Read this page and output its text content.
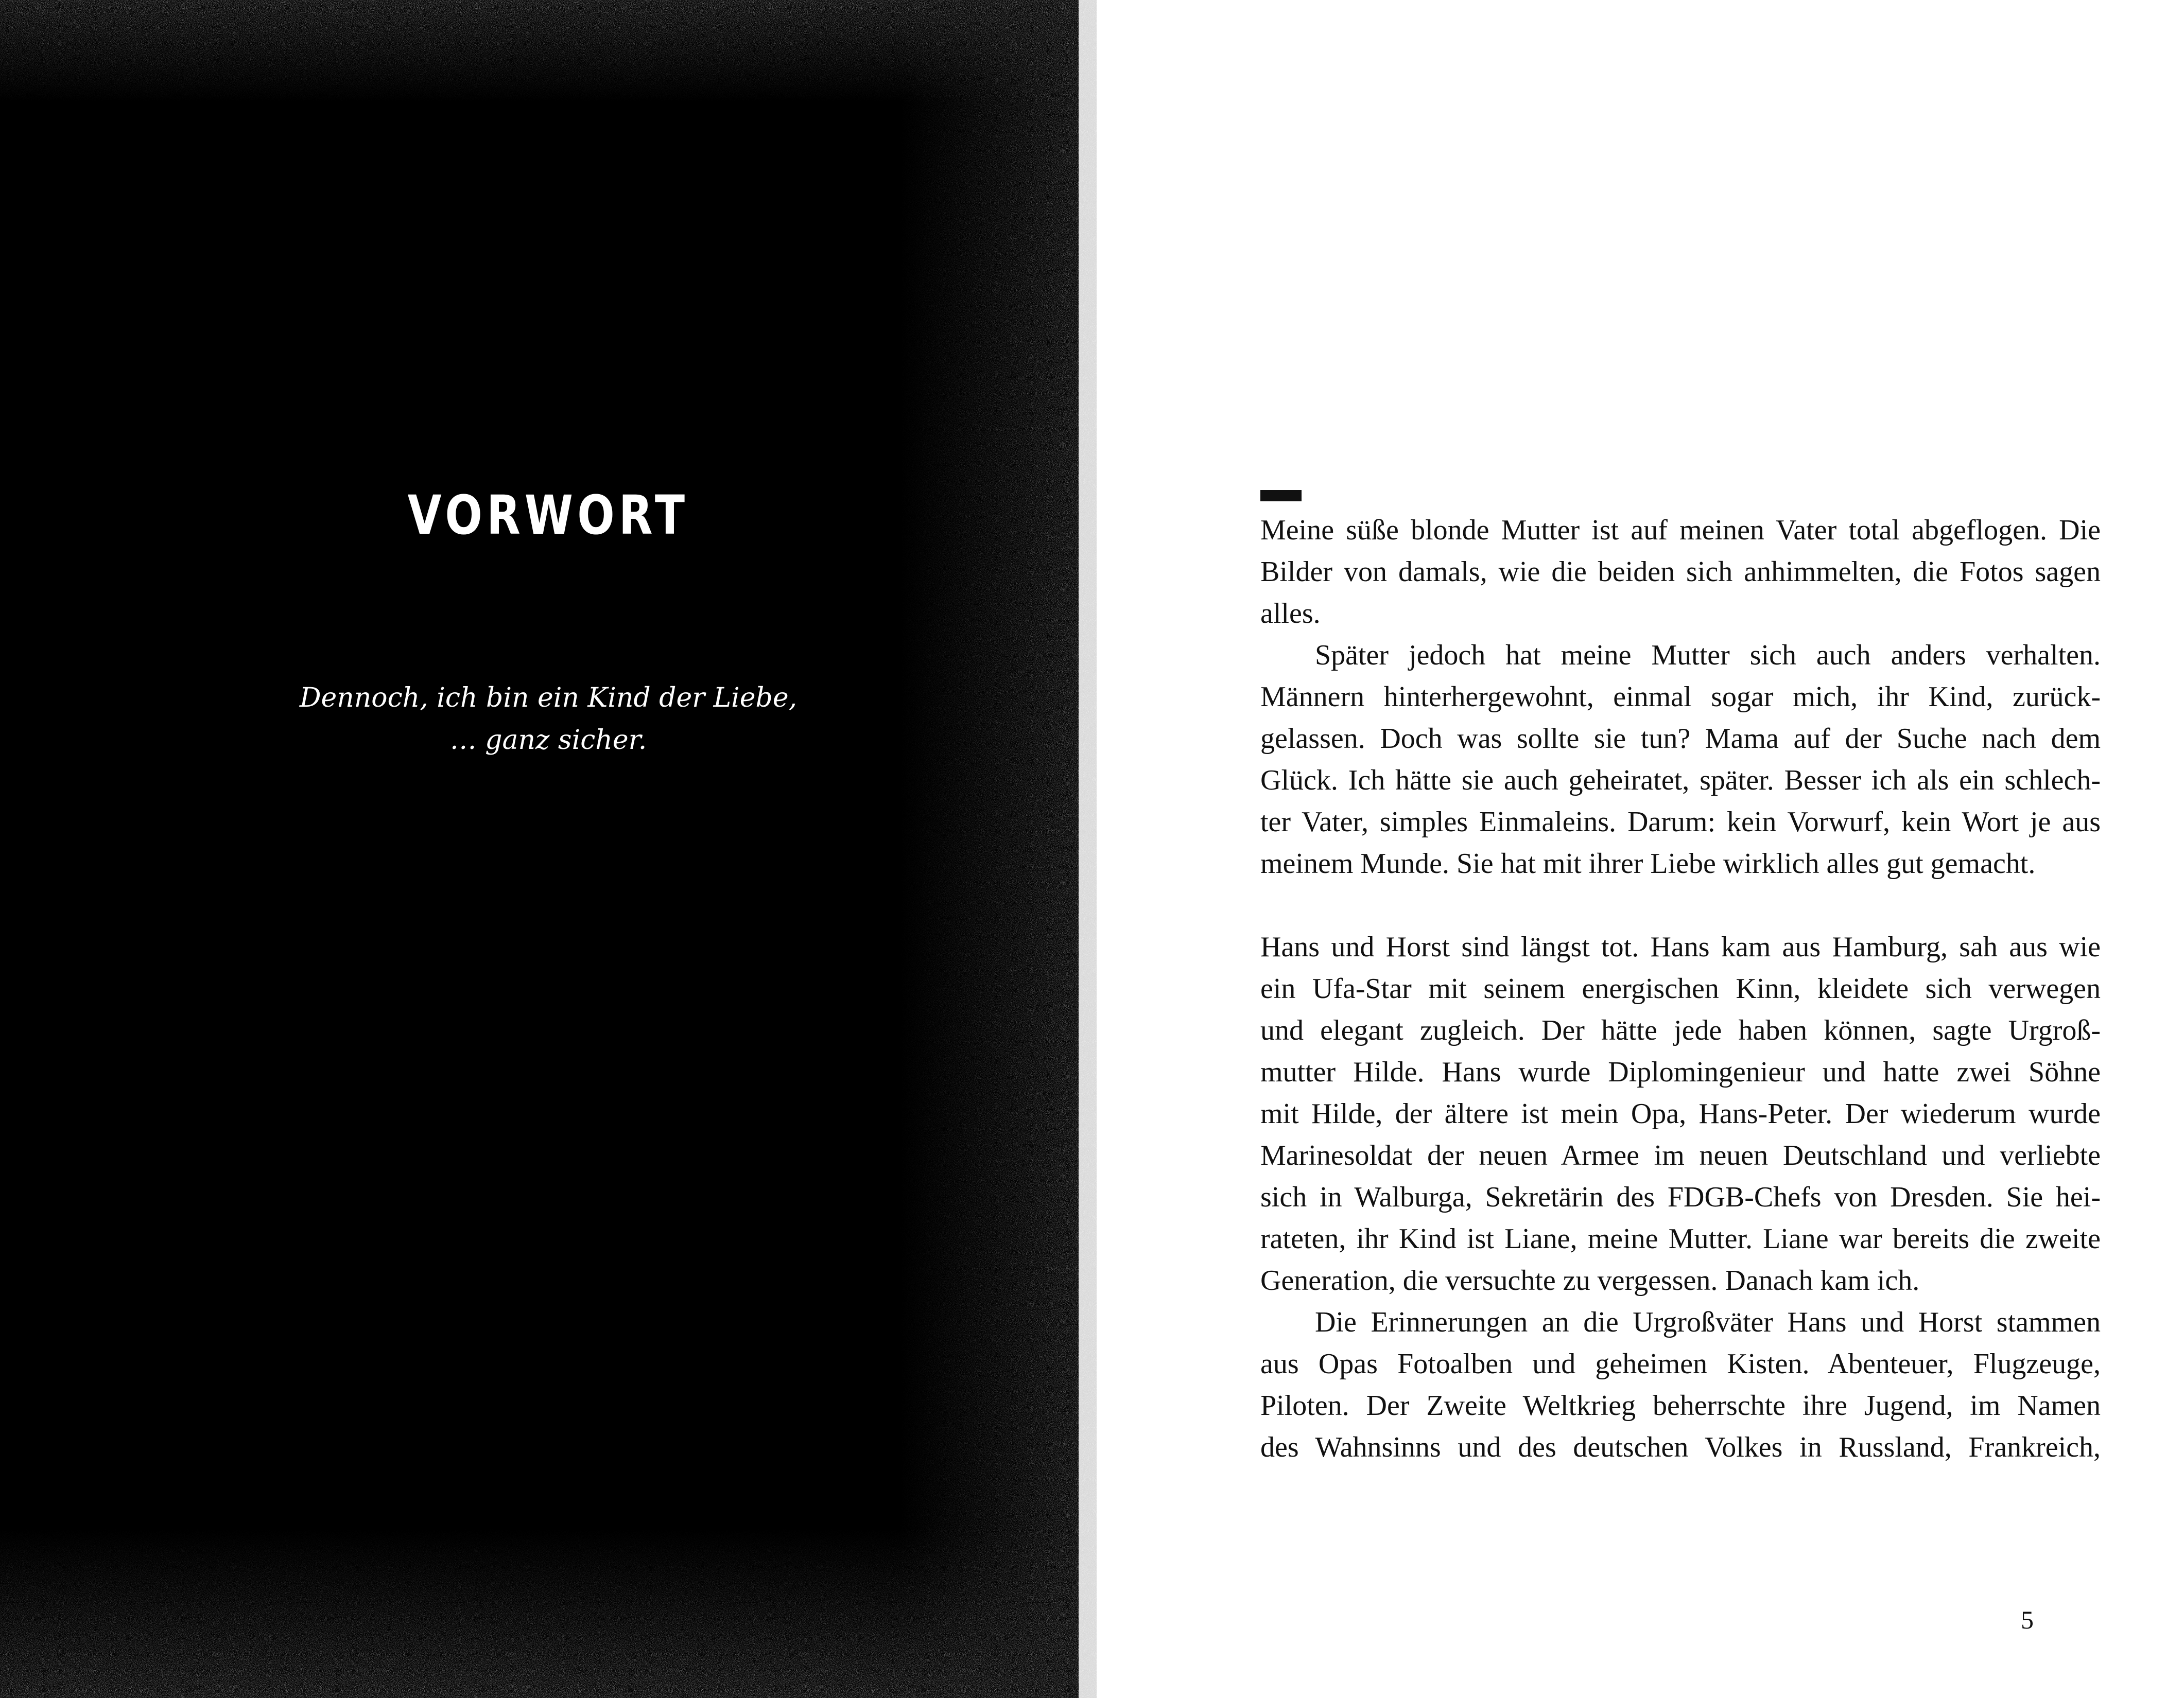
VORWORT
Dennoch, ich bin ein Kind der Liebe,
… ganz sicher.

Meine süße blonde Mutter ist auf meinen Vater total abgeflogen. Die

Bilder von damals, wie die beiden sich anhimmelten, die Fotos sagen

alles.

Später jedoch hat meine Mutter sich auch anders verhalten.

Männern hinterhergewohnt, einmal sogar mich, ihr Kind, zurück-

gelassen. Doch was sollte sie tun? Mama auf der Suche nach dem

Glück. Ich hätte sie auch geheiratet, später. Besser ich als ein schlech-

ter Vater, simples Einmaleins. Darum: kein Vorwurf, kein Wort je aus

meinem Munde. Sie hat mit ihrer Liebe wirklich alles gut gemacht.

Hans und Horst sind längst tot. Hans kam aus Hamburg, sah aus wie

ein Ufa-Star mit seinem energischen Kinn, kleidete sich verwegen

und elegant zugleich. Der hätte jede haben können, sagte Urgroß-

mutter Hilde. Hans wurde Diplomingenieur und hatte zwei Söhne

mit Hilde, der ältere ist mein Opa, Hans-Peter. Der wiederum wurde

Marinesoldat der neuen Armee im neuen Deutschland und verliebte

sich in Walburga, Sekretärin des FDGB-Chefs von Dresden. Sie hei-

rateten, ihr Kind ist Liane, meine Mutter. Liane war bereits die zweite

Generation, die versuchte zu vergessen. Danach kam ich.

Die Erinnerungen an die Urgroßväter Hans und Horst stammen

aus Opas Fotoalben und geheimen Kisten. Abenteuer, Flugzeuge,

Piloten. Der Zweite Weltkrieg beherrschte ihre Jugend, im Namen

des Wahnsinns und des deutschen Volkes in Russland, Frankreich,

5
